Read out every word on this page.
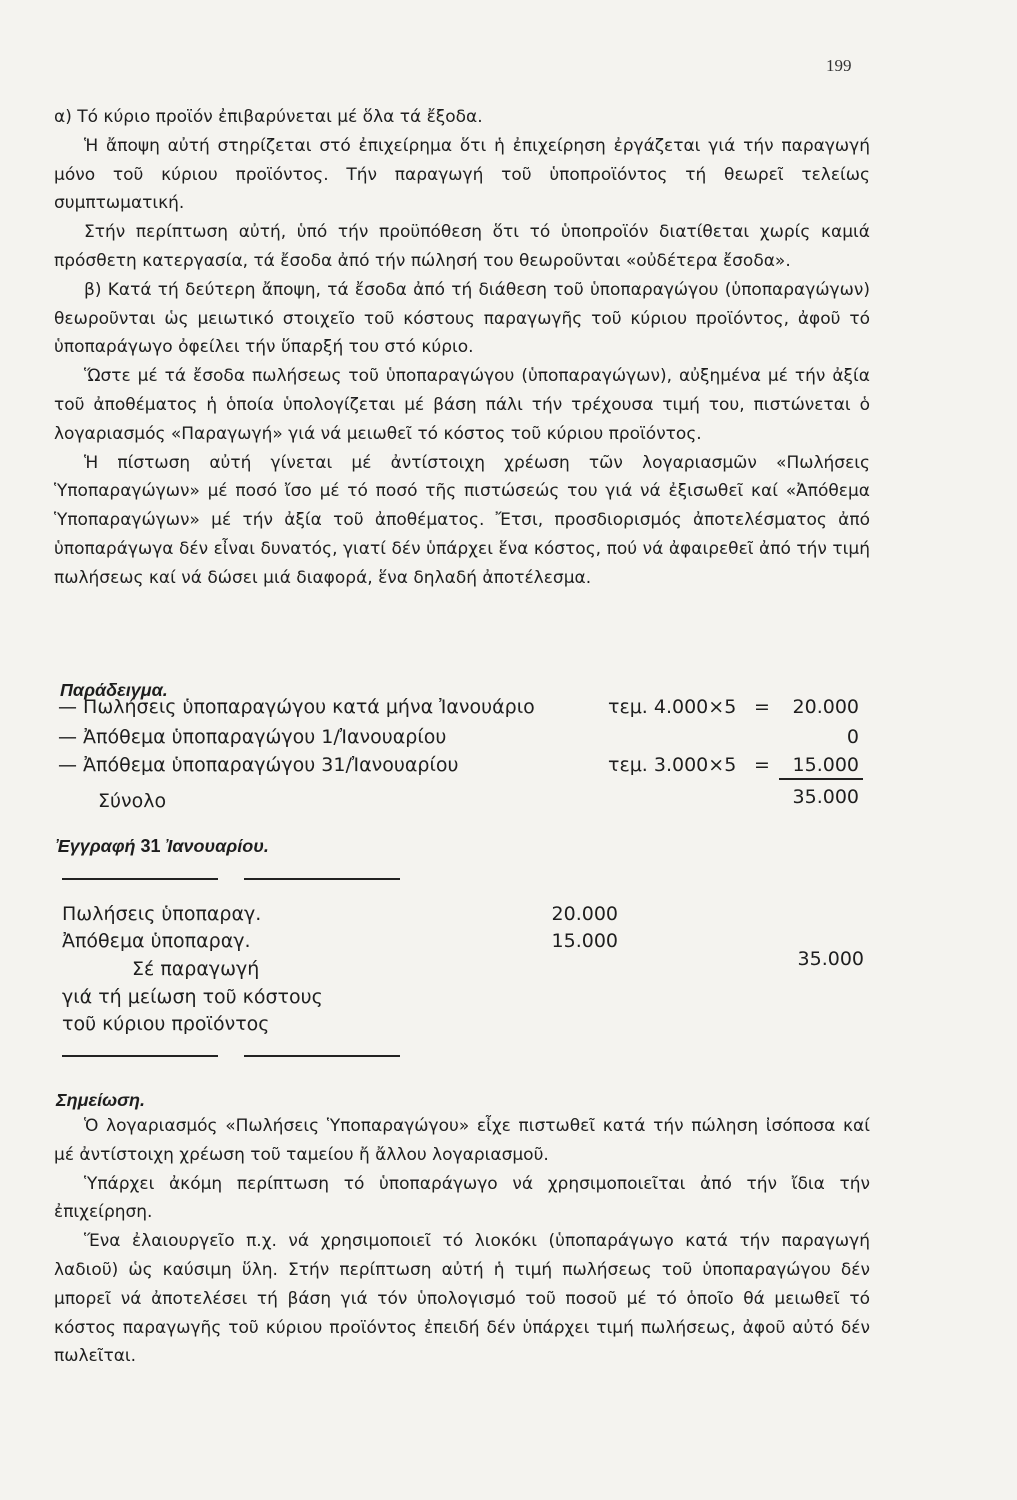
199

α) Τό κύριο προϊόν ἐπιβαρύνεται μέ ὅλα τά ἔξοδα.

Ἡ ἄποψη αὐτή στηρίζεται στό ἐπιχείρημα ὅτι ἡ ἐπιχείρηση ἐργάζεται γιά τήν παραγωγή μόνο τοῦ κύριου προϊόντος. Τήν παραγωγή τοῦ ὑποπροϊόντος τή θεωρεῖ τελείως συμπτωματική.

Στήν περίπτωση αὐτή, ὑπό τήν προϋπόθεση ὅτι τό ὑποπροϊόν διατίθεται χωρίς καμιά πρόσθετη κατεργασία, τά ἔσοδα ἀπό τήν πώλησή του θεωροῦνται «οὐδέτερα ἔσοδα».

β) Κατά τή δεύτερη ἄποψη, τά ἔσοδα ἀπό τή διάθεση τοῦ ὑποπαραγώγου (ὑποπαραγώγων) θεωροῦνται ὡς μειωτικό στοιχεῖο τοῦ κόστους παραγωγῆς τοῦ κύριου προϊόντος, ἀφοῦ τό ὑποπαράγωγο ὀφείλει τήν ὕπαρξή του στό κύριο.

Ὥστε μέ τά ἔσοδα πωλήσεως τοῦ ὑποπαραγώγου (ὑποπαραγώγων), αὐξημένα μέ τήν ἀξία τοῦ ἀποθέματος ἡ ὁποία ὑπολογίζεται μέ βάση πάλι τήν τρέχουσα τιμή του, πιστώνεται ὁ λογαριασμός «Παραγωγή» γιά νά μειωθεῖ τό κόστος τοῦ κύριου προϊόντος.

Ἡ πίστωση αὐτή γίνεται μέ ἀντίστοιχη χρέωση τῶν λογαριασμῶν «Πωλήσεις Ὑποπαραγώγων» μέ ποσό ἴσο μέ τό ποσό τῆς πιστώσεώς του γιά νά ἐξισωθεῖ καί «Ἀπόθεμα Ὑποπαραγώγων» μέ τήν ἀξία τοῦ ἀποθέματος. Ἔτσι, προσδιορισμός ἀποτελέσματος ἀπό ὑποπαράγωγα δέν εἶναι δυνατός, γιατί δέν ὑπάρχει ἕνα κόστος, πού νά ἀφαιρεθεῖ ἀπό τήν τιμή πωλήσεως καί νά δώσει μιά διαφορά, ἕνα δηλαδή ἀποτέλεσμα.

Παράδειγμα.
— Πωλήσεις ὑποπαραγώγου κατά μήνα Ἰανουάριο	τεμ. 4.000×5 =	20.000
— Ἀπόθεμα ὑποπαραγώγου 1/Ἰανουαρίου	0
— Ἀπόθεμα ὑποπαραγώγου 31/Ἰανουαρίου	τεμ. 3.000×5 =	15.000
Σύνολο	35.000
Ἐγγραφή 31 Ἰανουαρίου.
Πωλήσεις ὑποπαραγ.	20.000
Ἀπόθεμα ὑποπαραγ.	15.000
Σέ παραγωγή	35.000
γιά τή μείωση τοῦ κόστους
τοῦ κύριου προϊόντος
Σημείωση.

Ὁ λογαριασμός «Πωλήσεις Ὑποπαραγώγου» εἶχε πιστωθεῖ κατά τήν πώληση ἰσόποσα καί μέ ἀντίστοιχη χρέωση τοῦ ταμείου ἤ ἄλλου λογαριασμοῦ.

Ὑπάρχει ἀκόμη περίπτωση τό ὑποπαράγωγο νά χρησιμοποιεῖται ἀπό τήν ἴδια τήν ἐπιχείρηση.

Ἕνα ἐλαιουργεῖο π.χ. νά χρησιμοποιεῖ τό λιοκόκι (ὑποπαράγωγο κατά τήν παραγωγή λαδιοῦ) ὡς καύσιμη ὕλη. Στήν περίπτωση αὐτή ἡ τιμή πωλήσεως τοῦ ὑποπαραγώγου δέν μπορεῖ νά ἀποτελέσει τή βάση γιά τόν ὑπολογισμό τοῦ ποσοῦ μέ τό ὁποῖο θά μειωθεῖ τό κόστος παραγωγῆς τοῦ κύριου προϊόντος ἐπειδή δέν ὑπάρχει τιμή πωλήσεως, ἀφοῦ αὐτό δέν πωλεῖται.
